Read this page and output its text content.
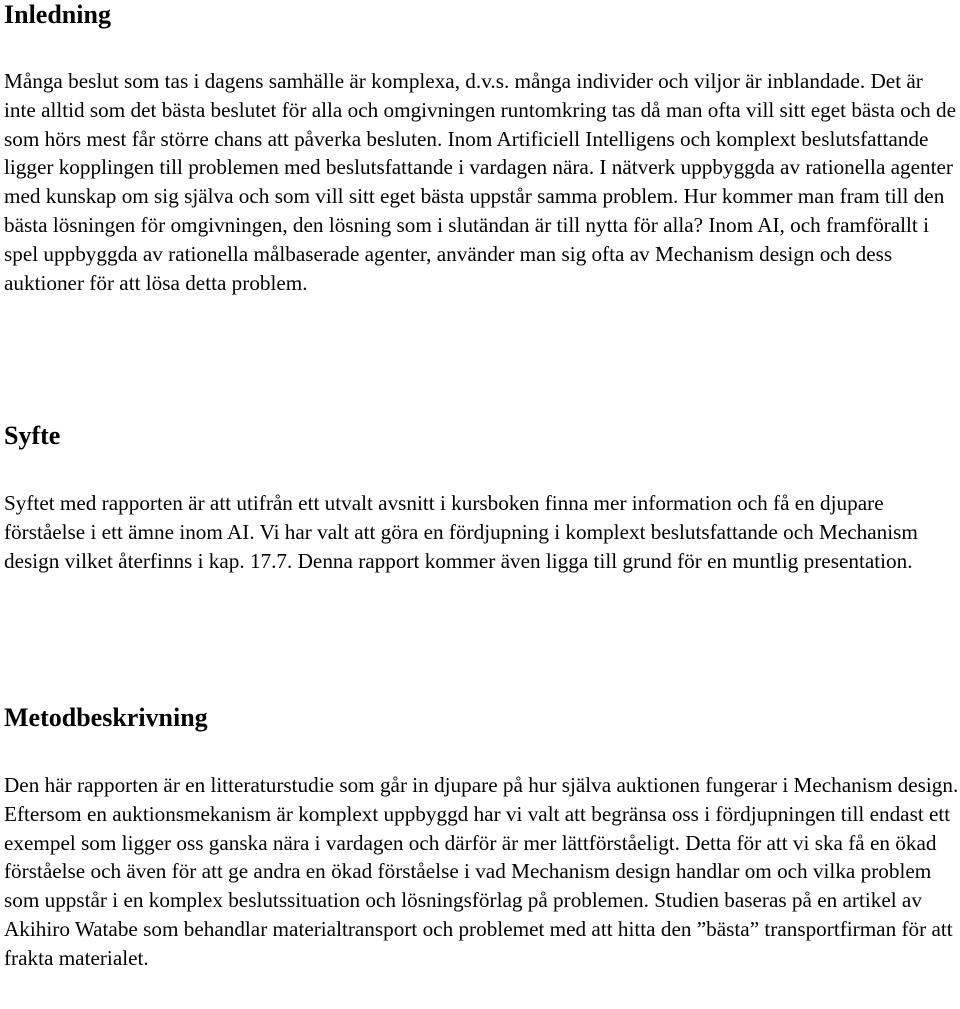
Inledning

Många beslut som tas i dagens samhälle är komplexa, d.v.s. många individer och viljor är inblandade. Det är inte alltid som det bästa beslutet för alla och omgivningen runtomkring tas då man ofta vill sitt eget bästa och de som hörs mest får större chans att påverka besluten. Inom Artificiell Intelligens och komplext beslutsfattande ligger kopplingen till problemen med beslutsfattande i vardagen nära. I nätverk uppbyggda av rationella agenter med kunskap om sig själva och som vill sitt eget bästa uppstår samma problem. Hur kommer man fram till den bästa lösningen för omgivningen, den lösning som i slutändan är till nytta för alla? Inom AI, och framförallt i spel uppbyggda av rationella målbaserade agenter, använder man sig ofta av Mechanism design och dess auktioner för att lösa detta problem.

Syfte

Syftet med rapporten är att utifrån ett utvalt avsnitt i kursboken finna mer information och få en djupare förståelse i ett ämne inom AI. Vi har valt att göra en fördjupning i komplext beslutsfattande och Mechanism design vilket återfinns i kap. 17.7. Denna rapport kommer även ligga till grund för en muntlig presentation.

Metodbeskrivning

Den här rapporten är en litteraturstudie som går in djupare på hur själva auktionen fungerar i Mechanism design. Eftersom en auktionsmekanism är komplext uppbyggd har vi valt att begränsa oss i fördjupningen till endast ett exempel som ligger oss ganska nära i vardagen och därför är mer lättförståeligt. Detta för att vi ska få en ökad förståelse och även för att ge andra en ökad förståelse i vad Mechanism design handlar om och vilka problem som uppstår i en komplex beslutssituation och lösningsförlag på problemen. Studien baseras på en artikel av Akihiro Watabe som behandlar materialtransport och problemet med att hitta den ”bästa” transportfirman för att frakta materialet.
